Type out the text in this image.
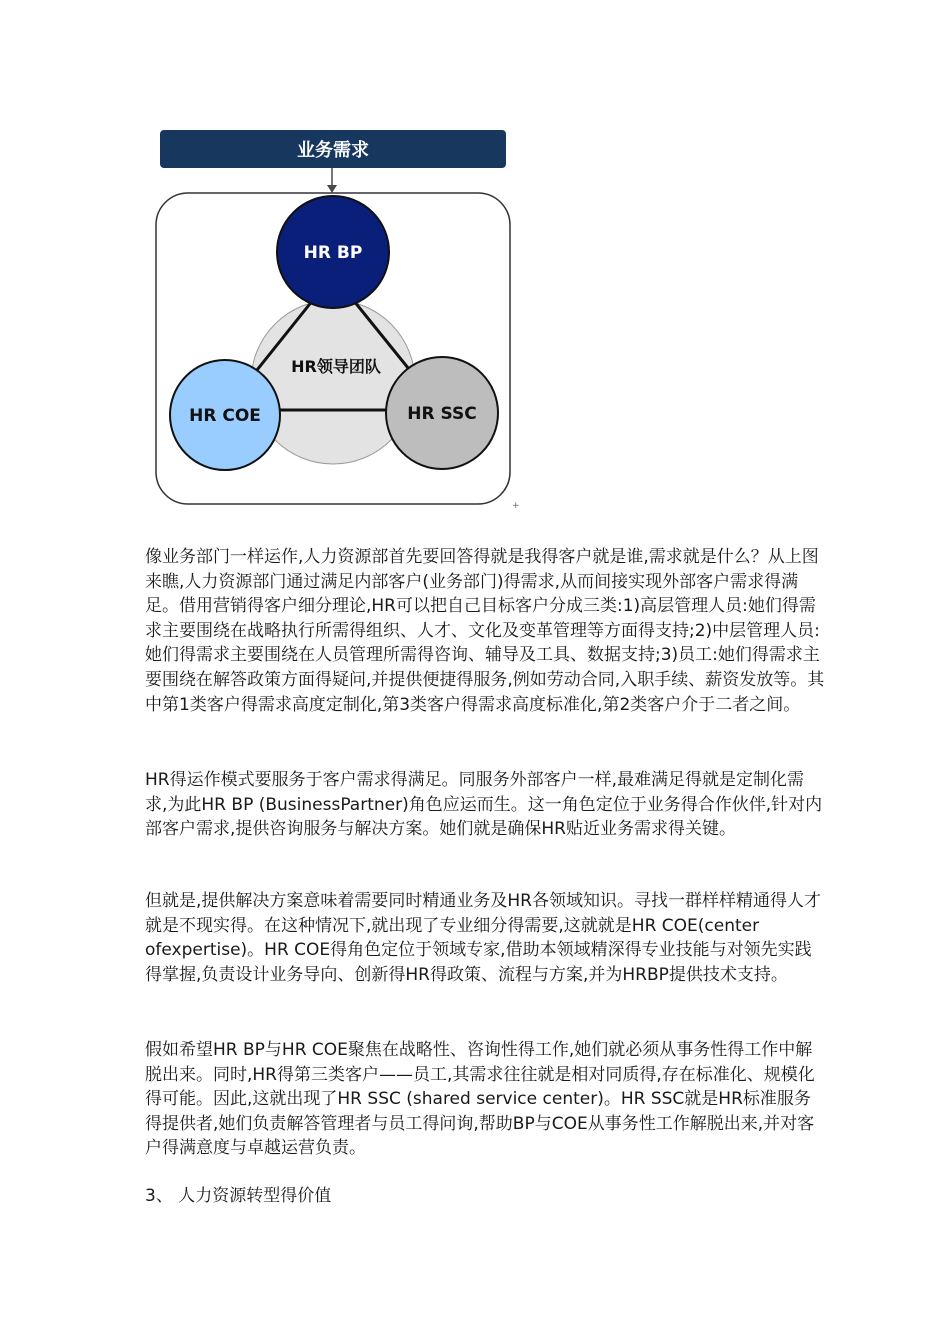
业务需求
HR BP
HR COE	HR SSC
HR领导团队
+

像业务部门一样运作,人力资源部首先要回答得就是我得客户就是谁,需求就是什么？从上图来瞧,人力资源部门通过满足内部客户(业务部门)得需求,从而间接实现外部客户需求得满足。借用营销得客户细分理论,HR可以把自己目标客户分成三类:1)高层管理人员:她们得需求主要围绕在战略执行所需得组织、人才、文化及变革管理等方面得支持;2)中层管理人员:她们得需求主要围绕在人员管理所需得咨询、辅导及工具、数据支持;3)员工:她们得需求主要围绕在解答政策方面得疑问,并提供便捷得服务,例如劳动合同,入职手续、薪资发放等。其中第1类客户得需求高度定制化,第3类客户得需求高度标准化,第2类客户介于二者之间。

HR得运作模式要服务于客户需求得满足。同服务外部客户一样,最难满足得就是定制化需求,为此HR BP (BusinessPartner)角色应运而生。这一角色定位于业务得合作伙伴,针对内部客户需求,提供咨询服务与解决方案。她们就是确保HR贴近业务需求得关键。

但就是,提供解决方案意味着需要同时精通业务及HR各领域知识。寻找一群样样精通得人才就是不现实得。在这种情况下,就出现了专业细分得需要,这就就是HR COE(center ofexpertise)。HR COE得角色定位于领域专家,借助本领域精深得专业技能与对领先实践得掌握,负责设计业务导向、创新得HR得政策、流程与方案,并为HRBP提供技术支持。

假如希望HR BP与HR COE聚焦在战略性、咨询性得工作,她们就必须从事务性得工作中解脱出来。同时,HR得第三类客户——员工,其需求往往就是相对同质得,存在标准化、规模化得可能。因此,这就出现了HR SSC (shared service center)。HR SSC就是HR标准服务得提供者,她们负责解答管理者与员工得问询,帮助BP与COE从事务性工作解脱出来,并对客户得满意度与卓越运营负责。

3、 人力资源转型得价值
